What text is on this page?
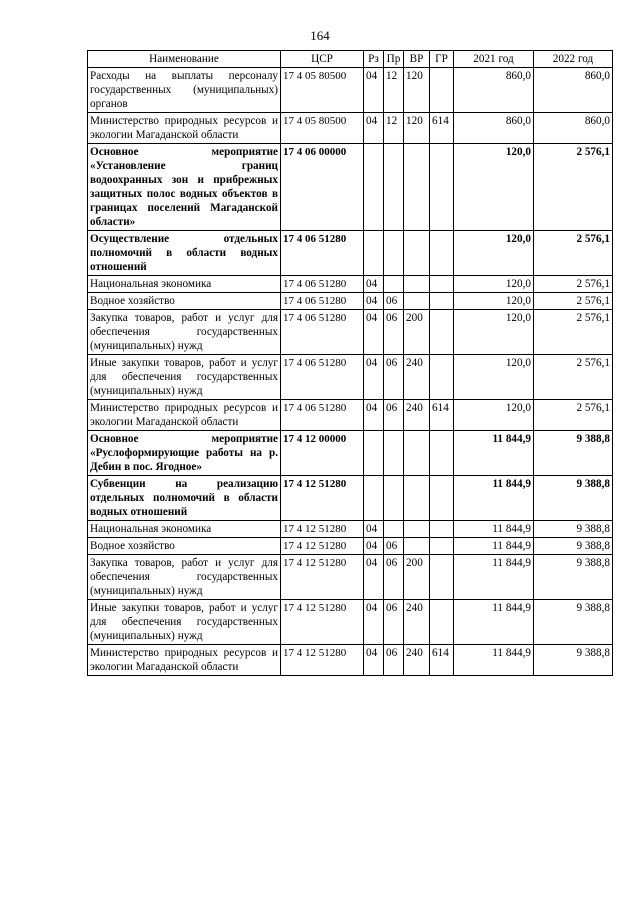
164
Наименование	ЦСР	Рз	Пр	ВР	ГР	2021 год	2022 год
Расходы на выплаты персоналу государственных (муниципальных) органов	17 4 05 80500	04	12	120		860,0	860,0
Министерство природных ресурсов и экологии Магаданской области	17 4 05 80500	04	12	120	614	860,0	860,0
Основное мероприятие «Установление границ водоохранных зон и прибрежных защитных полос водных объектов в границах поселений Магаданской области»	17 4 06 00000					120,0	2 576,1
Осуществление отдельных полномочий в области водных отношений	17 4 06 51280					120,0	2 576,1
Национальная экономика	17 4 06 51280	04				120,0	2 576,1
Водное хозяйство	17 4 06 51280	04	06			120,0	2 576,1
Закупка товаров, работ и услуг для обеспечения государственных (муниципальных) нужд	17 4 06 51280	04	06	200		120,0	2 576,1
Иные закупки товаров, работ и услуг для обеспечения государственных (муниципальных) нужд	17 4 06 51280	04	06	240		120,0	2 576,1
Министерство природных ресурсов и экологии Магаданской области	17 4 06 51280	04	06	240	614	120,0	2 576,1
Основное мероприятие «Руслоформирующие работы на р. Дебин в пос. Ягодное»	17 4 12 00000					11 844,9	9 388,8
Субвенции на реализацию отдельных полномочий в области водных отношений	17 4 12 51280					11 844,9	9 388,8
Национальная экономика	17 4 12 51280	04				11 844,9	9 388,8
Водное хозяйство	17 4 12 51280	04	06			11 844,9	9 388,8
Закупка товаров, работ и услуг для обеспечения государственных (муниципальных) нужд	17 4 12 51280	04	06	200		11 844,9	9 388,8
Иные закупки товаров, работ и услуг для обеспечения государственных (муниципальных) нужд	17 4 12 51280	04	06	240		11 844,9	9 388,8
Министерство природных ресурсов и экологии Магаданской области	17 4 12 51280	04	06	240	614	11 844,9	9 388,8
